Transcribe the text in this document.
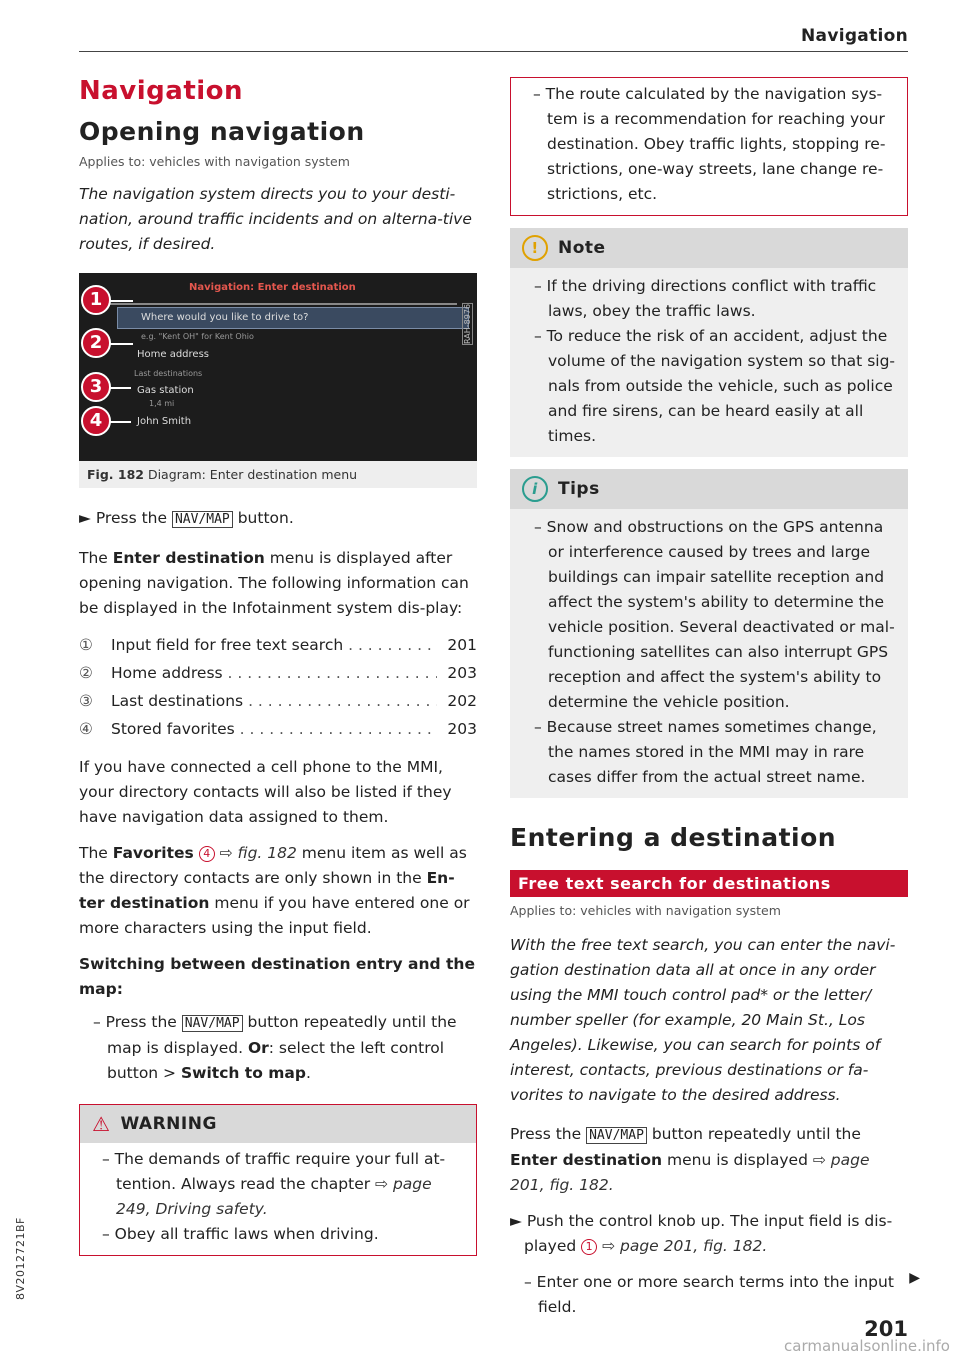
Navigation
8V2012721BF
Navigation
Opening navigation
Applies to: vehicles with navigation system
The navigation system directs you to your desti-nation, around traffic incidents and on alterna-tive routes, if desired.
Navigation: Enter destination
Where would you like to drive to?
e.g. "Kent OH" for Kent Ohio
Home address
Last destinations
Gas station
1,4 mi
John Smith
RAH-8976
1
2
3
4
Fig. 182 Diagram: Enter destination menu

► Press the NAV/MAP button.

The Enter destination menu is displayed after opening navigation. The following information can be displayed in the Infotainment system dis-play:

①	Input field for free text search . . .	201
②	Home address . . .	203
③	Last destinations . . .	202
④	Stored favorites . . .	203

If you have connected a cell phone to the MMI, your directory contacts will also be listed if they have navigation data assigned to them.

The Favorites 4 ⇨ fig. 182 menu item as well as the directory contacts are only shown in the En-ter destination menu if you have entered one or more characters using the input field.

Switching between destination entry and the map:
– Press the NAV/MAP button repeatedly until the map is displayed. Or: select the left control button > Switch to map.
⚠ WARNING
– The demands of traffic require your full at-tention. Always read the chapter ⇨ page 249, Driving safety.
– Obey all traffic laws when driving.
– The route calculated by the navigation sys-tem is a recommendation for reaching your destination. Obey traffic lights, stopping re-strictions, one-way streets, lane change re-strictions, etc.
!	Note
– If the driving directions conflict with traffic laws, obey the traffic laws.
– To reduce the risk of an accident, adjust the volume of the navigation system so that sig-nals from outside the vehicle, such as police and fire sirens, can be heard easily at all times.
i	Tips
– Snow and obstructions on the GPS antenna or interference caused by trees and large buildings can impair satellite reception and affect the system's ability to determine the vehicle position. Several deactivated or mal-functioning satellites can also interrupt GPS reception and affect the system's ability to determine the vehicle position.
– Because street names sometimes change, the names stored in the MMI may in rare cases differ from the actual street name.
Entering a destination
Free text search for destinations
Applies to: vehicles with navigation system
With the free text search, you can enter the navi-gation destination data all at once in any order using the MMI touch control pad* or the letter/ number speller (for example, 20 Main St., Los Angeles). Likewise, you can search for points of interest, contacts, previous destinations or fa-vorites to navigate to the desired address.

Press the NAV/MAP button repeatedly until the Enter destination menu is displayed ⇨ page 201, fig. 182.

► Push the control knob up. The input field is dis-played 1 ⇨ page 201, fig. 182.
– Enter one or more search terms into the input field.
▶
201
carmanualsonline.info
